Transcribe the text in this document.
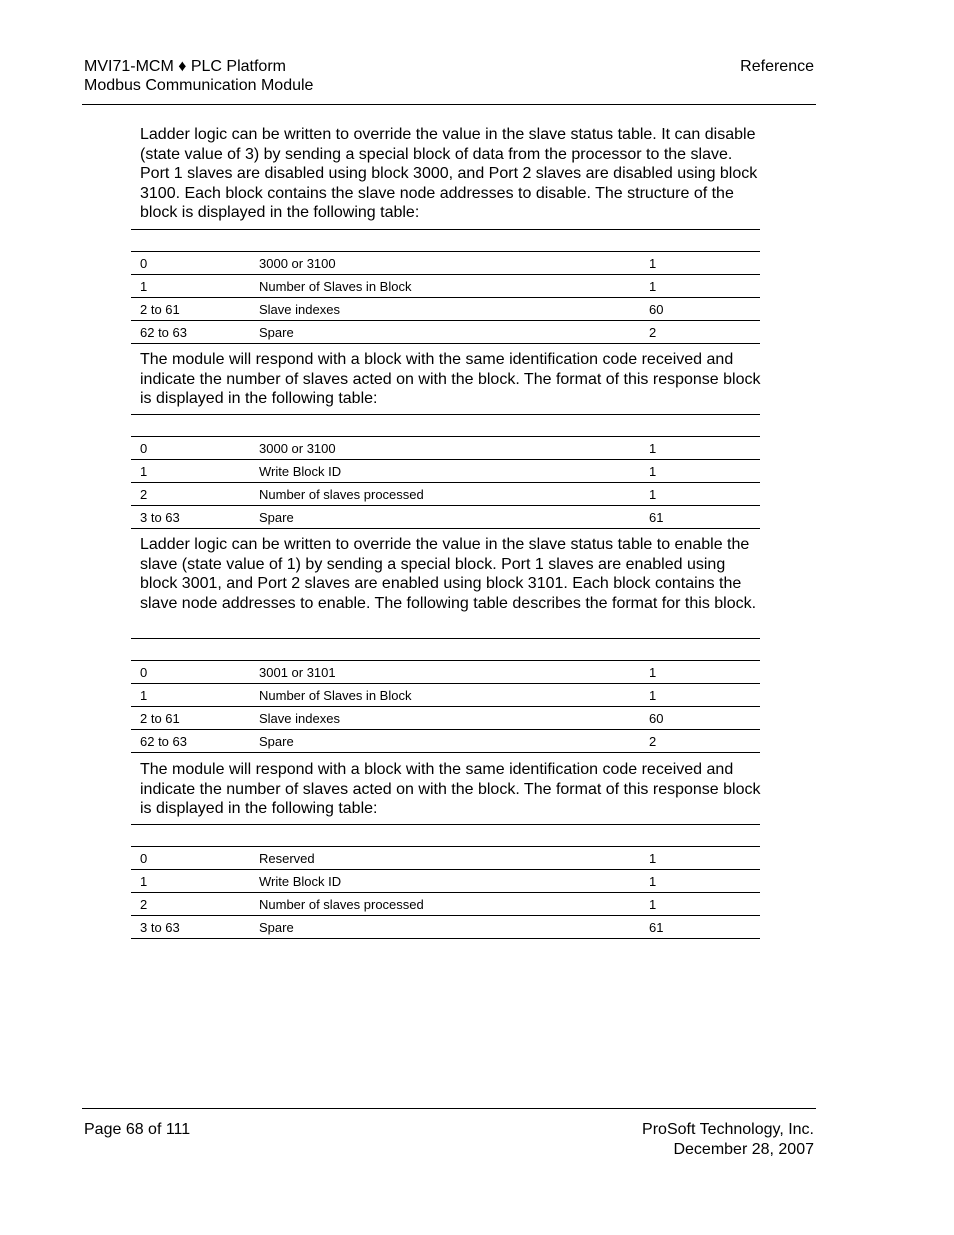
MVI71-MCM ♦ PLC Platform
Modbus Communication Module
Reference

Ladder logic can be written to override the value in the slave status table. It can disable (state value of 3) by sending a special block of data from the processor to the slave. Port 1 slaves are disabled using block 3000, and Port 2 slaves are disabled using block 3100. Each block contains the slave node addresses to disable. The structure of the block is displayed in the following table:

0	3000 or 3100	1
1	Number of Slaves in Block	1
2 to 61	Slave indexes	60
62 to 63	Spare	2

The module will respond with a block with the same identification code received and indicate the number of slaves acted on with the block. The format of this response block is displayed in the following table:

0	3000 or 3100	1
1	Write Block ID	1
2	Number of slaves processed	1
3 to 63	Spare	61

Ladder logic can be written to override the value in the slave status table to enable the slave (state value of 1) by sending a special block. Port 1 slaves are enabled using block 3001, and Port 2 slaves are enabled using block 3101. Each block contains the slave node addresses to enable. The following table describes the format for this block.

0	3001 or 3101	1
1	Number of Slaves in Block	1
2 to 61	Slave indexes	60
62 to 63	Spare	2

The module will respond with a block with the same identification code received and indicate the number of slaves acted on with the block. The format of this response block is displayed in the following table:

0	Reserved	1
1	Write Block ID	1
2	Number of slaves processed	1
3 to 63	Spare	61
Page 68 of 111	ProSoft Technology, Inc.
December 28, 2007
